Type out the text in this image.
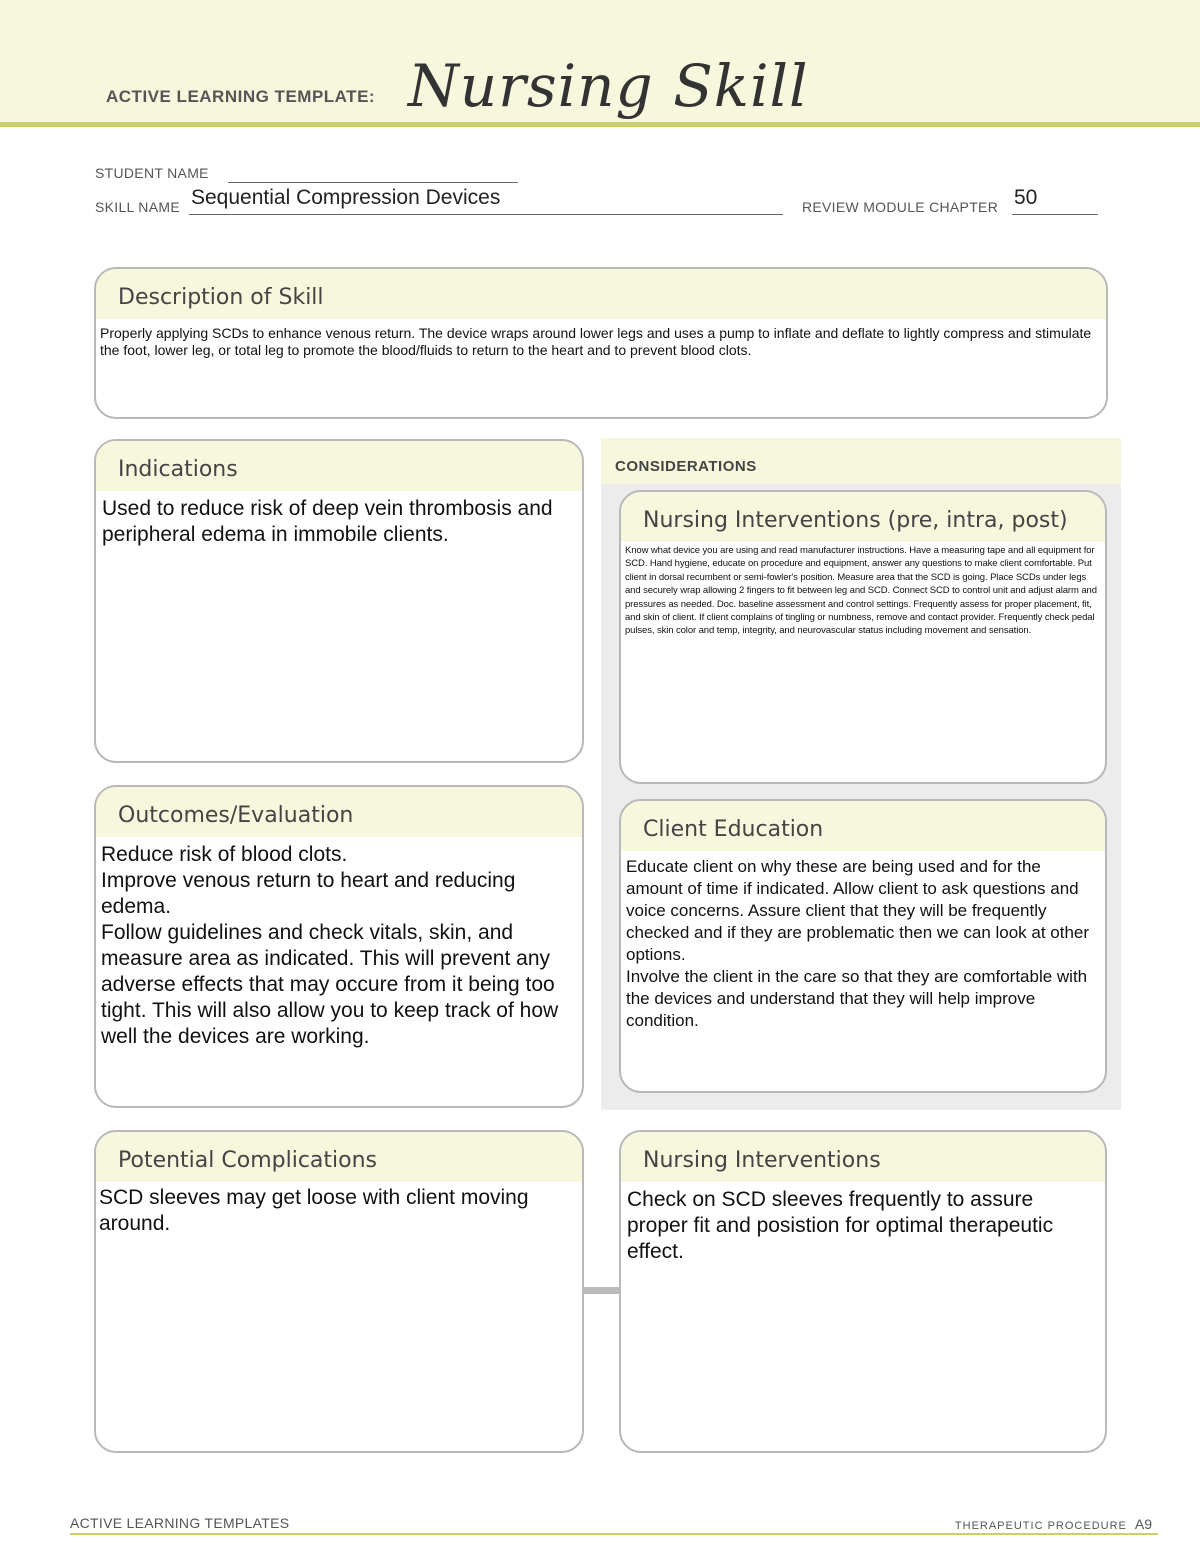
ACTIVE LEARNING TEMPLATE: Nursing Skill
STUDENT NAME
SKILL NAME Sequential Compression Devices	REVIEW MODULE CHAPTER 50
Description of Skill
Properly applying SCDs to enhance venous return. The device wraps around lower legs and uses a pump to inflate and deflate to lightly compress and stimulate the foot, lower leg, or total leg to promote the blood/fluids to return to the heart and to prevent blood clots.
CONSIDERATIONS
Indications
Used to reduce risk of deep vein thrombosis and peripheral edema in immobile clients.
Nursing Interventions (pre, intra, post)
Know what device you are using and read manufacturer instructions. Have a measuring tape and all equipment for SCD. Hand hygiene, educate on procedure and equipment, answer any questions to make client comfortable. Put client in dorsal recumbent or semi-fowler's position. Measure area that the SCD is going. Place SCDs under legs and securely wrap allowing 2 fingers to fit between leg and SCD. Connect SCD to control unit and adjust alarm and pressures as needed. Doc. baseline assessment and control settings. Frequently assess for proper placement, fit, and skin of client. If client complains of tingling or numbness, remove and contact provider. Frequently check pedal pulses, skin color and temp, integrity, and neurovascular status including movement and sensation.
Outcomes/Evaluation
Reduce risk of blood clots.
Improve venous return to heart and reducing edema.
Follow guidelines and check vitals, skin, and measure area as indicated. This will prevent any adverse effects that may occure from it being too tight. This will also allow you to keep track of how well the devices are working.
Client Education
Educate client on why these are being used and for the amount of time if indicated. Allow client to ask questions and voice concerns. Assure client that they will be frequently checked and if they are problematic then we can look at other options.
Involve the client in the care so that they are comfortable with the devices and understand that they will help improve condition.
Potential Complications
SCD sleeves may get loose with client moving around.
Nursing Interventions
Check on SCD sleeves frequently to assure proper fit and posistion for optimal therapeutic effect.
ACTIVE LEARNING TEMPLATES	THERAPEUTIC PROCEDURE A9
